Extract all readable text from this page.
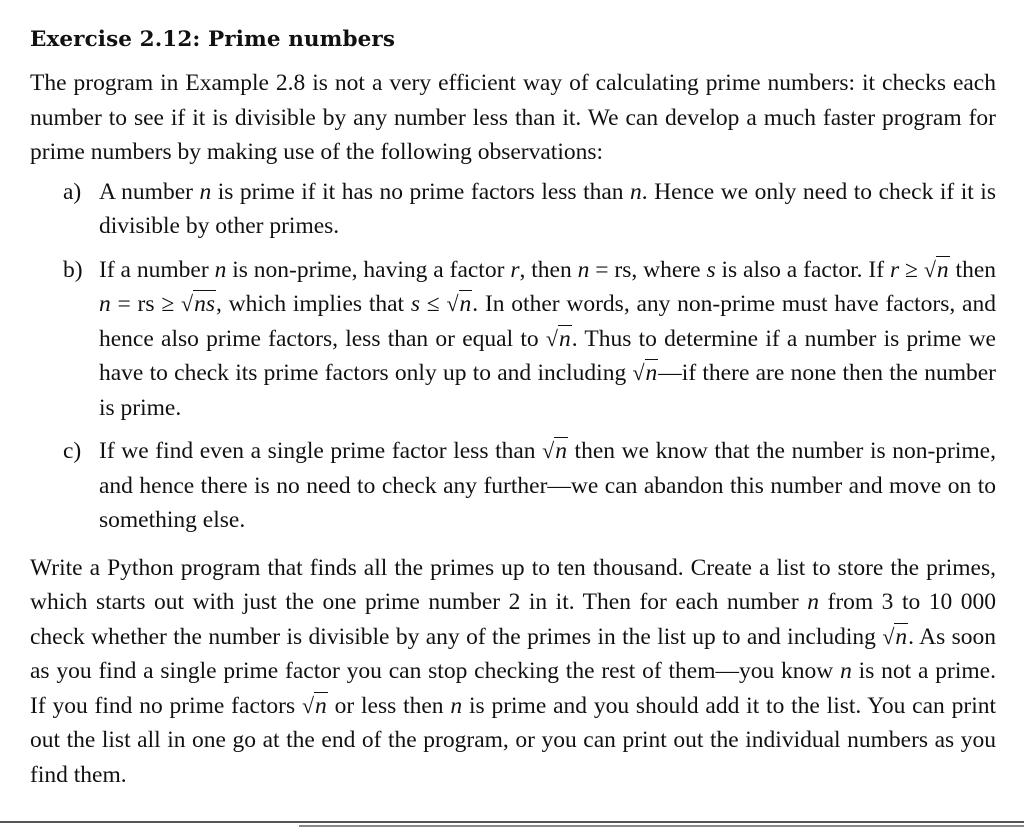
Exercise 2.12: Prime numbers

The program in Example 2.8 is not a very efficient way of calculating prime numbers: it checks each number to see if it is divisible by any number less than it. We can develop a much faster program for prime numbers by making use of the following observations:

a) A number n is prime if it has no prime factors less than n. Hence we only need to check if it is divisible by other primes.
b) If a number n is non-prime, having a factor r, then n = rs, where s is also a factor. If r ≥ √n then n = rs ≥ √ns, which implies that s ≤ √n. In other words, any non-prime must have factors, and hence also prime factors, less than or equal to √n. Thus to determine if a number is prime we have to check its prime factors only up to and including √n—if there are none then the number is prime.
c) If we find even a single prime factor less than √n then we know that the number is non-prime, and hence there is no need to check any further—we can abandon this number and move on to something else.

Write a Python program that finds all the primes up to ten thousand. Create a list to store the primes, which starts out with just the one prime number 2 in it. Then for each number n from 3 to 10 000 check whether the number is divisible by any of the primes in the list up to and including √n. As soon as you find a single prime factor you can stop checking the rest of them—you know n is not a prime. If you find no prime factors √n or less then n is prime and you should add it to the list. You can print out the list all in one go at the end of the program, or you can print out the individual numbers as you find them.
